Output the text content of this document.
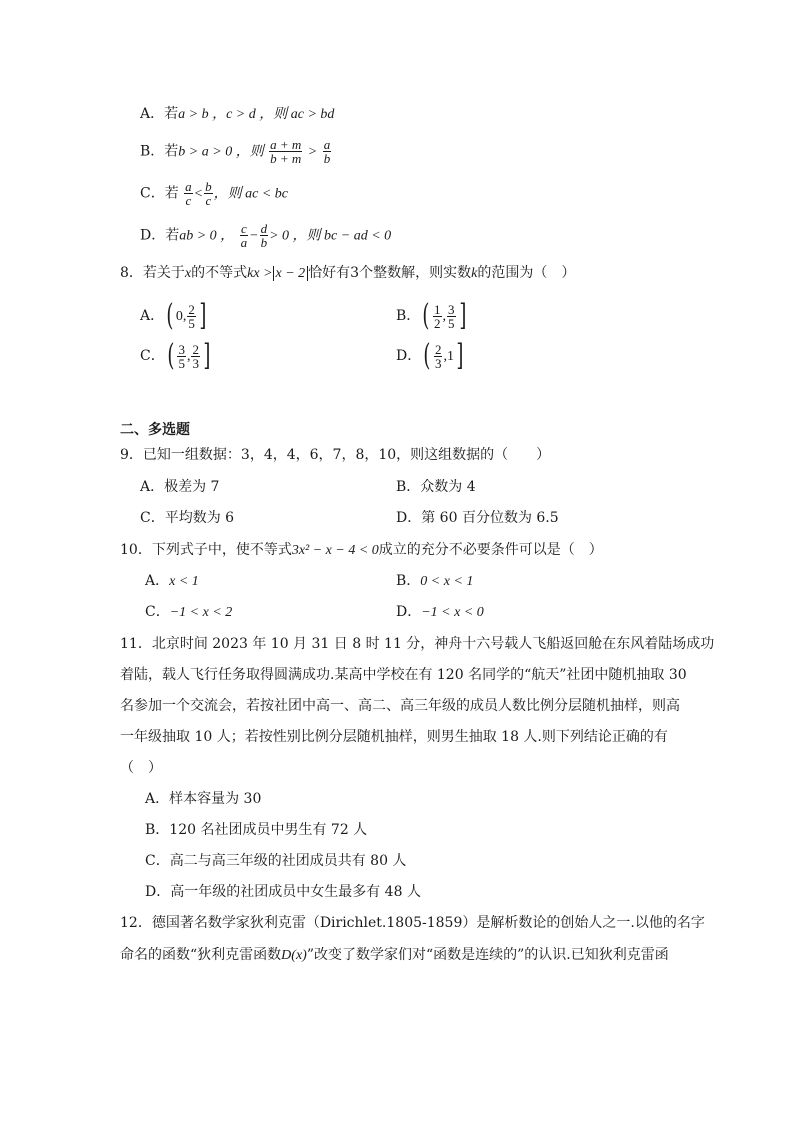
A．若a > b ，c > d ，则 ac > bd
B．若b > a > 0 ，则 $\frac{a + m}{b + m} > \frac{a}{b}$
C．若 $\frac{a}{c} < \frac{b}{c}$ ，则 ac < bc
D．若ab > 0 ， $\frac{c}{a} - \frac{d}{b} > 0$ ，则 bc − ad < 0
8．若关于x的不等式kx > x − 2 恰好有3个整数解，则实数k的范围为（　）
A．( 0, $\frac{2}{5}$ ]	B．( $\frac{1}{2}$ , $\frac{3}{5}$ ]
C．( $\frac{3}{5}$ , $\frac{2}{3}$ ]	D．( $\frac{2}{3} ,1$]
二、多选题
9．已知一组数据：3，4，4，6，7，8，10，则这组数据的（　　）
A．极差为 7	B．众数为 4
C．平均数为 6	D．第 60 百分位数为 6.5
10．下列式子中，使不等式3x² − x − 4 < 0成立的充分不必要条件可以是（　）
A．x < 1	B．0 < x < 1
C．−1 < x < 2	D．−1 < x < 0
11．北京时间 2023 年 10 月 31 日 8 时 11 分，神舟十六号载人飞船返回舱在东风着陆场成功
着陆，载人飞行任务取得圆满成功.某高中学校在有 120 名同学的“航天”社团中随机抽取 30
名参加一个交流会，若按社团中高一、高二、高三年级的成员人数比例分层随机抽样，则高
一年级抽取 10 人；若按性别比例分层随机抽样，则男生抽取 18 人.则下列结论正确的有
（　）
A．样本容量为 30
B．120 名社团成员中男生有 72 人
C．高二与高三年级的社团成员共有 80 人
D．高一年级的社团成员中女生最多有 48 人
12．德国著名数学家狄利克雷（Dirichlet.1805-1859）是解析数论的创始人之一.以他的名字
命名的函数“狄利克雷函数D(x)”改变了数学家们对“函数是连续的”的认识.已知狄利克雷函
